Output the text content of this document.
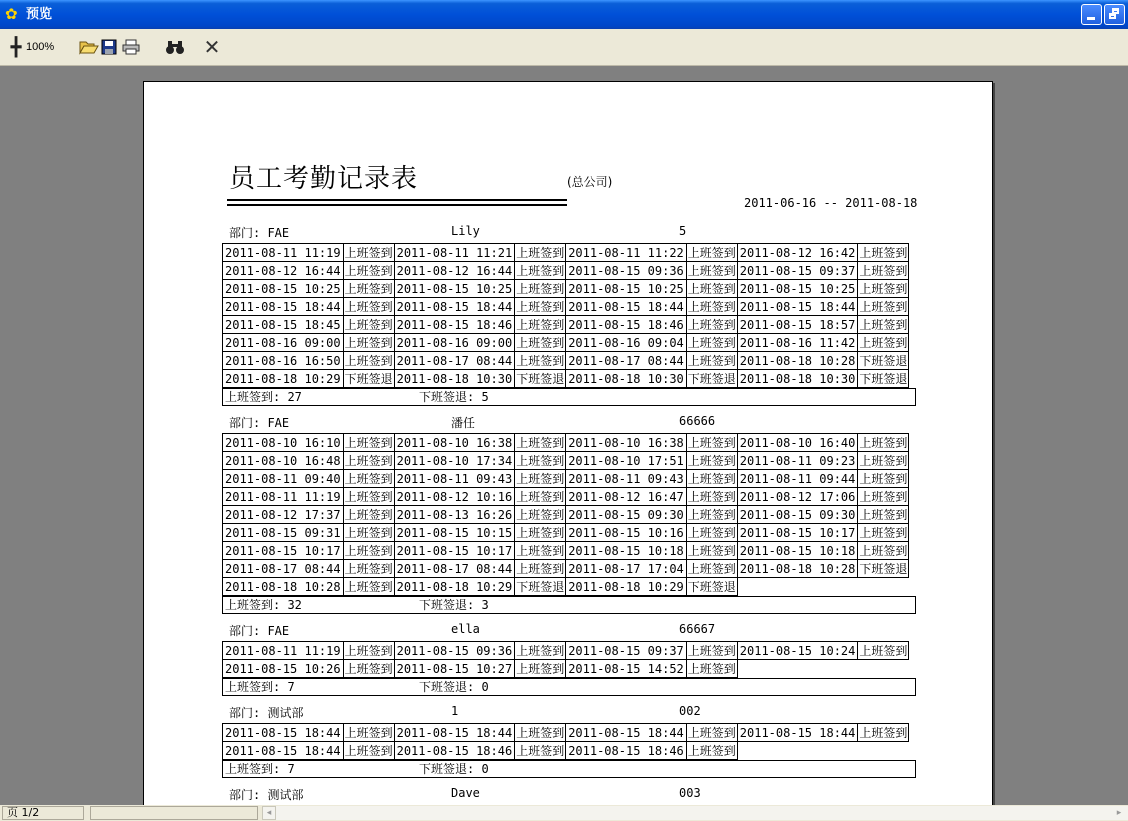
✿ 预览
╋ 100%	✕
员工考勤记录表	(总公司)
2011-06-16 -- 2011-08-18
部门: FAE	Lily	5
2011-08-11 11:19	上班签到	2011-08-11 11:21	上班签到	2011-08-11 11:22	上班签到	2011-08-12 16:42	上班签到
2011-08-12 16:44	上班签到	2011-08-12 16:44	上班签到	2011-08-15 09:36	上班签到	2011-08-15 09:37	上班签到
2011-08-15 10:25	上班签到	2011-08-15 10:25	上班签到	2011-08-15 10:25	上班签到	2011-08-15 10:25	上班签到
2011-08-15 18:44	上班签到	2011-08-15 18:44	上班签到	2011-08-15 18:44	上班签到	2011-08-15 18:44	上班签到
2011-08-15 18:45	上班签到	2011-08-15 18:46	上班签到	2011-08-15 18:46	上班签到	2011-08-15 18:57	上班签到
2011-08-16 09:00	上班签到	2011-08-16 09:00	上班签到	2011-08-16 09:04	上班签到	2011-08-16 11:42	上班签到
2011-08-16 16:50	上班签到	2011-08-17 08:44	上班签到	2011-08-17 08:44	上班签到	2011-08-18 10:28	下班签退
2011-08-18 10:29	下班签退	2011-08-18 10:30	下班签退	2011-08-18 10:30	下班签退	2011-08-18 10:30	下班签退
上班签到: 27	下班签退: 5
部门: FAE	潘任	66666
2011-08-10 16:10	上班签到	2011-08-10 16:38	上班签到	2011-08-10 16:38	上班签到	2011-08-10 16:40	上班签到
2011-08-10 16:48	上班签到	2011-08-10 17:34	上班签到	2011-08-10 17:51	上班签到	2011-08-11 09:23	上班签到
2011-08-11 09:40	上班签到	2011-08-11 09:43	上班签到	2011-08-11 09:43	上班签到	2011-08-11 09:44	上班签到
2011-08-11 11:19	上班签到	2011-08-12 10:16	上班签到	2011-08-12 16:47	上班签到	2011-08-12 17:06	上班签到
2011-08-12 17:37	上班签到	2011-08-13 16:26	上班签到	2011-08-15 09:30	上班签到	2011-08-15 09:30	上班签到
2011-08-15 09:31	上班签到	2011-08-15 10:15	上班签到	2011-08-15 10:16	上班签到	2011-08-15 10:17	上班签到
2011-08-15 10:17	上班签到	2011-08-15 10:17	上班签到	2011-08-15 10:18	上班签到	2011-08-15 10:18	上班签到
2011-08-17 08:44	上班签到	2011-08-17 08:44	上班签到	2011-08-17 17:04	上班签到	2011-08-18 10:28	下班签退
2011-08-18 10:28	上班签到	2011-08-18 10:29	下班签退	2011-08-18 10:29	下班签退		
上班签到: 32	下班签退: 3
部门: FAE	ella	66667
2011-08-11 11:19	上班签到	2011-08-15 09:36	上班签到	2011-08-15 09:37	上班签到	2011-08-15 10:24	上班签到
2011-08-15 10:26	上班签到	2011-08-15 10:27	上班签到	2011-08-15 14:52	上班签到		
上班签到: 7	下班签退: 0
部门: 测试部	1	002
2011-08-15 18:44	上班签到	2011-08-15 18:44	上班签到	2011-08-15 18:44	上班签到	2011-08-15 18:44	上班签到
2011-08-15 18:44	上班签到	2011-08-15 18:46	上班签到	2011-08-15 18:46	上班签到		
上班签到: 7	下班签退: 0
部门: 测试部	Dave	003
页 1/2	◂	▸
